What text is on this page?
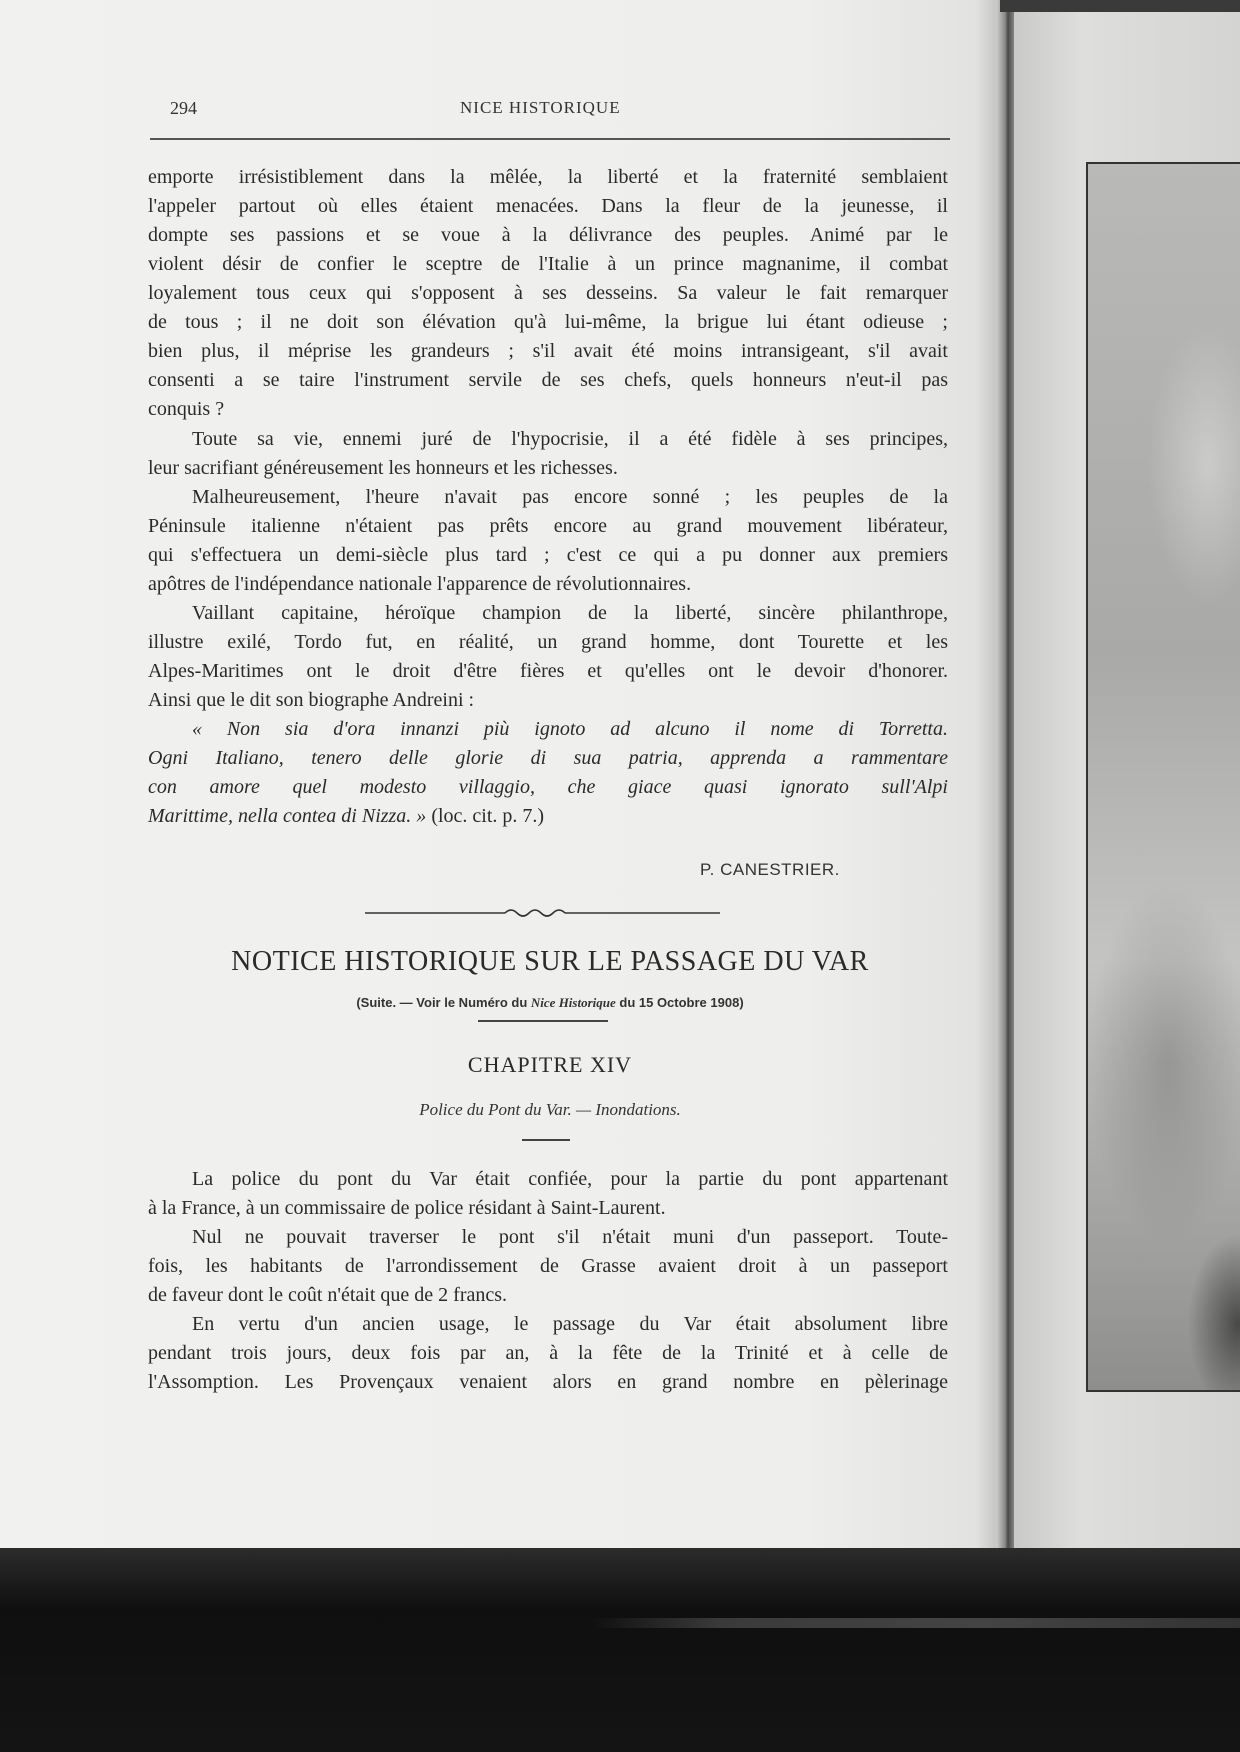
294	NICE HISTORIQUE
emporte irrésistiblement dans la mêlée, la liberté et la fraternité semblaient
l'appeler partout où elles étaient menacées. Dans la fleur de la jeunesse, il
dompte ses passions et se voue à la délivrance des peuples. Animé par le
violent désir de confier le sceptre de l'Italie à un prince magnanime, il combat
loyalement tous ceux qui s'opposent à ses desseins. Sa valeur le fait remarquer
de tous ; il ne doit son élévation qu'à lui-même, la brigue lui étant odieuse ;
bien plus, il méprise les grandeurs ; s'il avait été moins intransigeant, s'il avait
consenti a se taire l'instrument servile de ses chefs, quels honneurs n'eut-il pas
conquis ?
Toute sa vie, ennemi juré de l'hypocrisie, il a été fidèle à ses principes,
leur sacrifiant généreusement les honneurs et les richesses.
Malheureusement, l'heure n'avait pas encore sonné ; les peuples de la
Péninsule italienne n'étaient pas prêts encore au grand mouvement libérateur,
qui s'effectuera un demi-siècle plus tard ; c'est ce qui a pu donner aux premiers
apôtres de l'indépendance nationale l'apparence de révolutionnaires.
Vaillant capitaine, héroïque champion de la liberté, sincère philanthrope,
illustre exilé, Tordo fut, en réalité, un grand homme, dont Tourette et les
Alpes-Maritimes ont le droit d'être fières et qu'elles ont le devoir d'honorer.
Ainsi que le dit son biographe Andreini :
« Non sia d'ora innanzi più ignoto ad alcuno il nome di Torretta.
Ogni Italiano, tenero delle glorie di sua patria, apprenda a rammentare
con amore quel modesto villaggio, che giace quasi ignorato sull'Alpi
Marittime, nella contea di Nizza. » (loc. cit. p. 7.)
P. CANESTRIER.
NOTICE HISTORIQUE SUR LE PASSAGE DU VAR
(Suite. — Voir le Numéro du Nice Historique du 15 Octobre 1908)
CHAPITRE XIV
Police du Pont du Var. — Inondations.
La police du pont du Var était confiée, pour la partie du pont appartenant
à la France, à un commissaire de police résidant à Saint-Laurent.
Nul ne pouvait traverser le pont s'il n'était muni d'un passeport. Toute-
fois, les habitants de l'arrondissement de Grasse avaient droit à un passeport
de faveur dont le coût n'était que de 2 francs.
En vertu d'un ancien usage, le passage du Var était absolument libre
pendant trois jours, deux fois par an, à la fête de la Trinité et à celle de
l'Assomption. Les Provençaux venaient alors en grand nombre en pèlerinage
